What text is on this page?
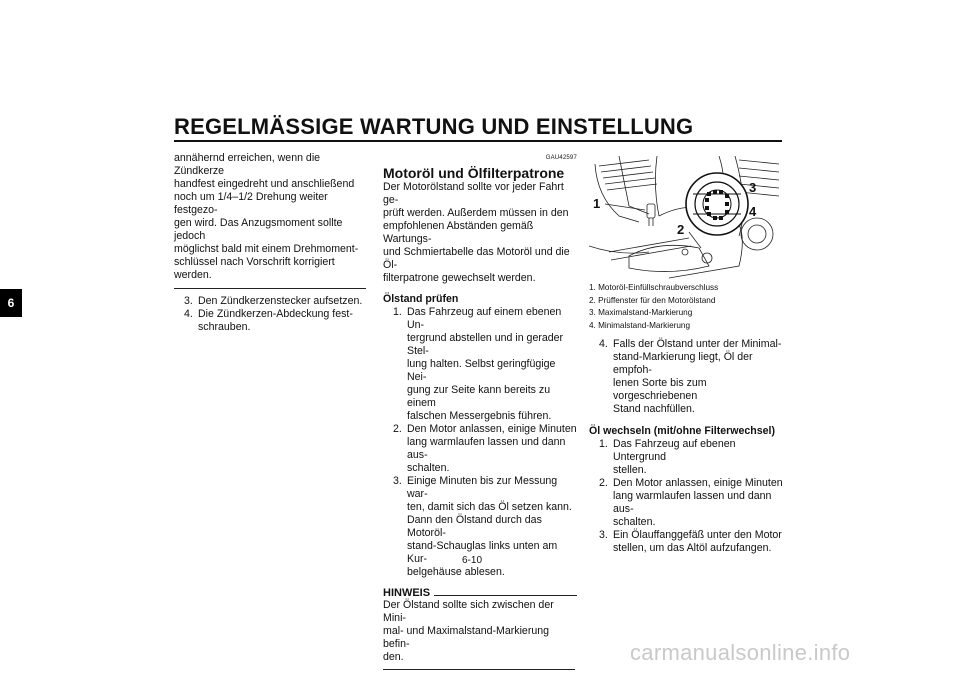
REGELMÄSSIGE WARTUNG UND EINSTELLUNG
6
annähernd erreichen, wenn die Zündkerze
handfest eingedreht und anschließend
noch um 1/4–1/2 Drehung weiter festgezo-
gen wird. Das Anzugsmoment sollte jedoch
möglichst bald mit einem Drehmoment-
schlüssel nach Vorschrift korrigiert werden.
3. Den Zündkerzenstecker aufsetzen.
4. Die Zündkerzen-Abdeckung fest-
schrauben.
GAU42597
Motoröl und Ölfilterpatrone
Der Motorölstand sollte vor jeder Fahrt ge-
prüft werden. Außerdem müssen in den
empfohlenen Abständen gemäß Wartungs-
und Schmiertabelle das Motoröl und die Öl-
filterpatrone gewechselt werden.
Ölstand prüfen
1. Das Fahrzeug auf einem ebenen Un-
tergrund abstellen und in gerader Stel-
lung halten. Selbst geringfügige Nei-
gung zur Seite kann bereits zu einem
falschen Messergebnis führen.
2. Den Motor anlassen, einige Minuten
lang warmlaufen lassen und dann aus-
schalten.
3. Einige Minuten bis zur Messung war-
ten, damit sich das Öl setzen kann.
Dann den Ölstand durch das Motoröl-
stand-Schauglas links unten am Kur-
belgehäuse ablesen.
HINWEIS
Der Ölstand sollte sich zwischen der Mini-
mal- und Maximalstand-Markierung befin-
den.
1
2
3
4
1. Motoröl-Einfüllschraubverschluss
2. Prüffenster für den Motorölstand
3. Maximalstand-Markierung
4. Minimalstand-Markierung
4. Falls der Ölstand unter der Minimal-
stand-Markierung liegt, Öl der empfoh-
lenen Sorte bis zum vorgeschriebenen
Stand nachfüllen.
Öl wechseln (mit/ohne Filterwechsel)
1. Das Fahrzeug auf ebenen Untergrund
stellen.
2. Den Motor anlassen, einige Minuten
lang warmlaufen lassen und dann aus-
schalten.
3. Ein Ölauffanggefäß unter den Motor
stellen, um das Altöl aufzufangen.
6-10
carmanualsonline.info
